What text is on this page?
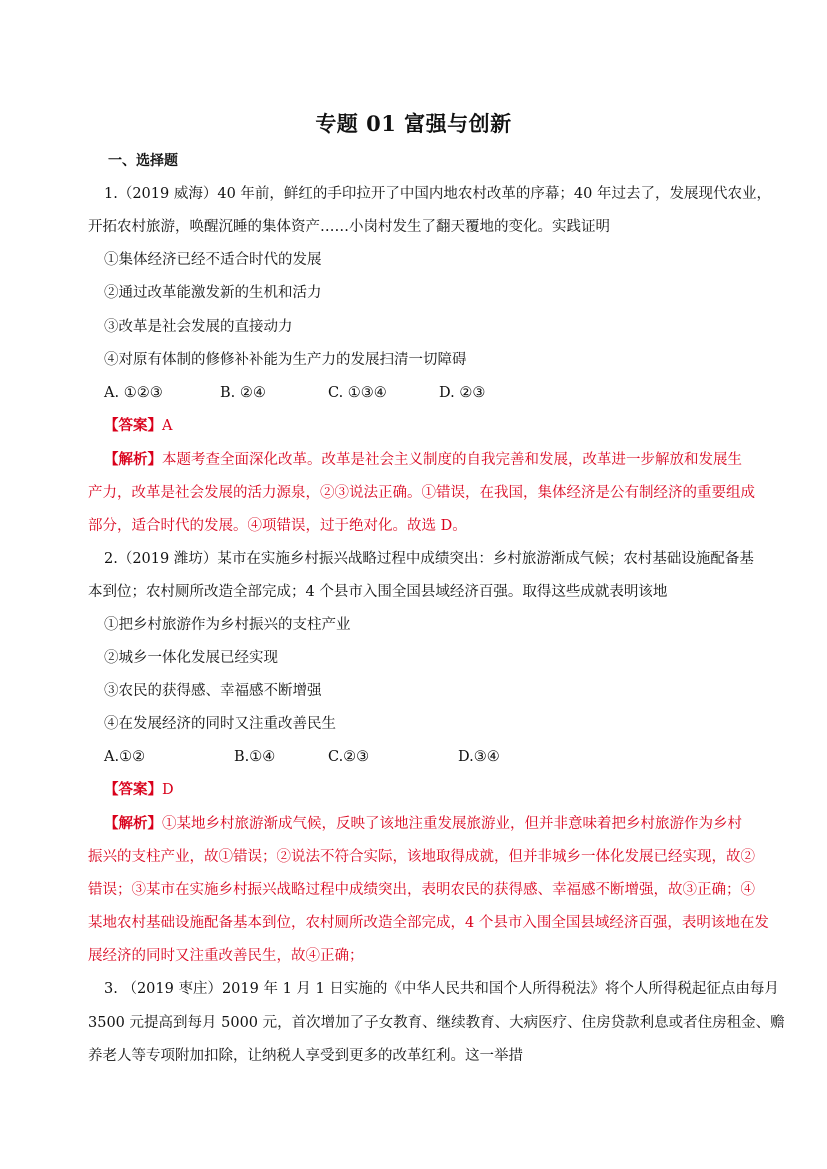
专题 01 富强与创新
一、选择题
1.（2019 威海）40 年前，鲜红的手印拉开了中国内地农村改革的序幕；40 年过去了，发展现代农业，
开拓农村旅游，唤醒沉睡的集体资产……小岗村发生了翻天覆地的变化。实践证明
①集体经济已经不适合时代的发展
②通过改革能激发新的生机和活力
③改革是社会发展的直接动力
④对原有体制的修修补补能为生产力的发展扫清一切障碍
A. ①②③	B. ②④	C. ①③④	D. ②③
【答案】A
【解析】本题考查全面深化改革。改革是社会主义制度的自我完善和发展，改革进一步解放和发展生
产力，改革是社会发展的活力源泉，②③说法正确。①错误，在我国，集体经济是公有制经济的重要组成
部分，适合时代的发展。④项错误，过于绝对化。故选 D。
2.（2019 潍坊）某市在实施乡村振兴战略过程中成绩突出：乡村旅游渐成气候；农村基础设施配备基
本到位；农村厕所改造全部完成；4 个县市入围全国县域经济百强。取得这些成就表明该地
①把乡村旅游作为乡村振兴的支柱产业
②城乡一体化发展已经实现
③农民的获得感、幸福感不断增强
④在发展经济的同时又注重改善民生
A.①②	B.①④	C.②③	D.③④
【答案】D
【解析】①某地乡村旅游渐成气候，反映了该地注重发展旅游业，但并非意味着把乡村旅游作为乡村
振兴的支柱产业，故①错误；②说法不符合实际，该地取得成就，但并非城乡一体化发展已经实现，故②
错误；③某市在实施乡村振兴战略过程中成绩突出，表明农民的获得感、幸福感不断增强，故③正确；④
某地农村基础设施配备基本到位，农村厕所改造全部完成，4 个县市入围全国县域经济百强，表明该地在发
展经济的同时又注重改善民生，故④正确；
3. （2019 枣庄）2019 年 1 月 1 日实施的《中华人民共和国个人所得税法》将个人所得税起征点由每月
3500 元提高到每月 5000 元，首次增加了子女教育、继续教育、大病医疗、住房贷款利息或者住房租金、赡
养老人等专项附加扣除，让纳税人享受到更多的改革红利。这一举措
